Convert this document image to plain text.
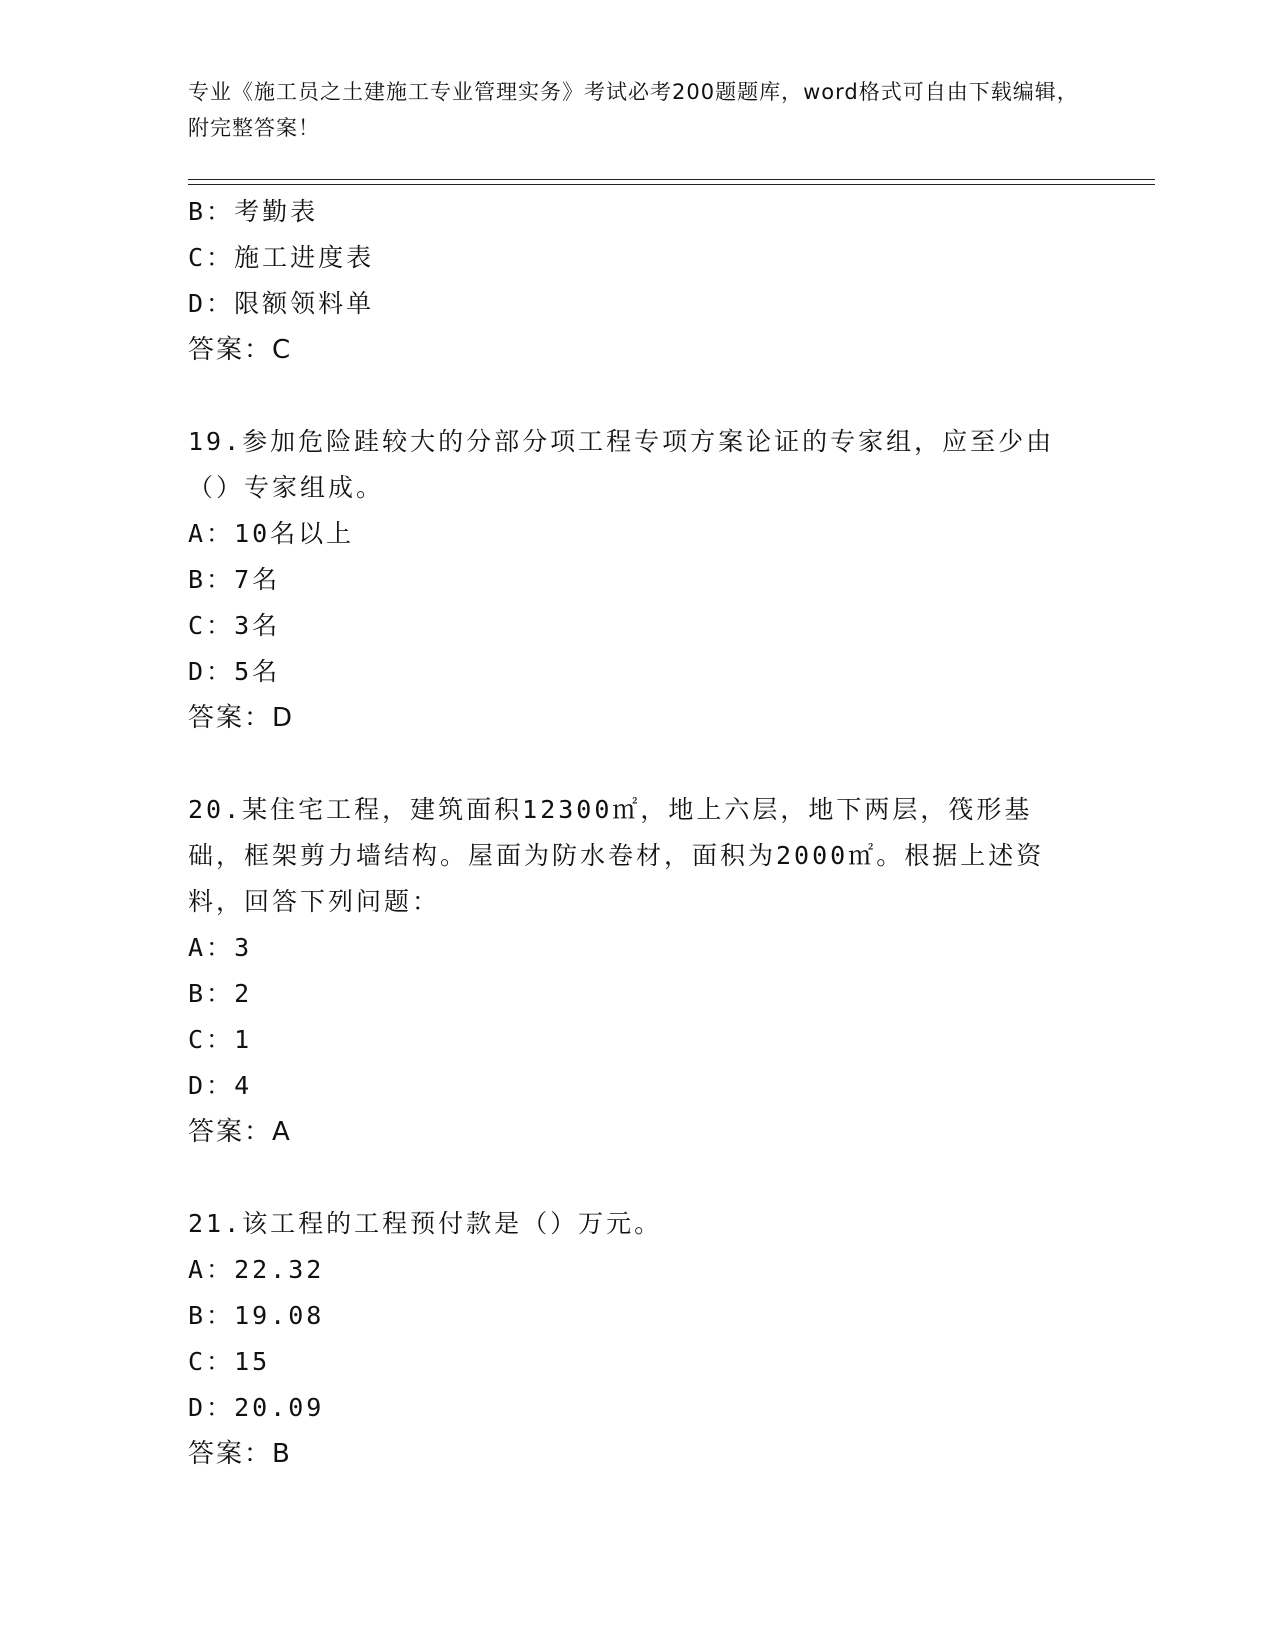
专业《施工员之土建施工专业管理实务》考试必考200题题库，word格式可自由下载编辑，附完整答案！
B：考勤表
C：施工进度表
D：限额领料单
答案：C
19.参加危险跬较大的分部分项工程专项方案论证的专家组，应至少由（）专家组成。
A：10名以上
B：7名
C：3名
D：5名
答案：D
20.某住宅工程，建筑面积12300㎡，地上六层，地下两层，筏形基础，框架剪力墙结构。屋面为防水卷材，面积为2000㎡。根据上述资料，回答下列问题：
A：3
B：2
C：1
D：4
答案：A
21.该工程的工程预付款是（）万元。
A：22.32
B：19.08
C：15
D：20.09
答案：B
